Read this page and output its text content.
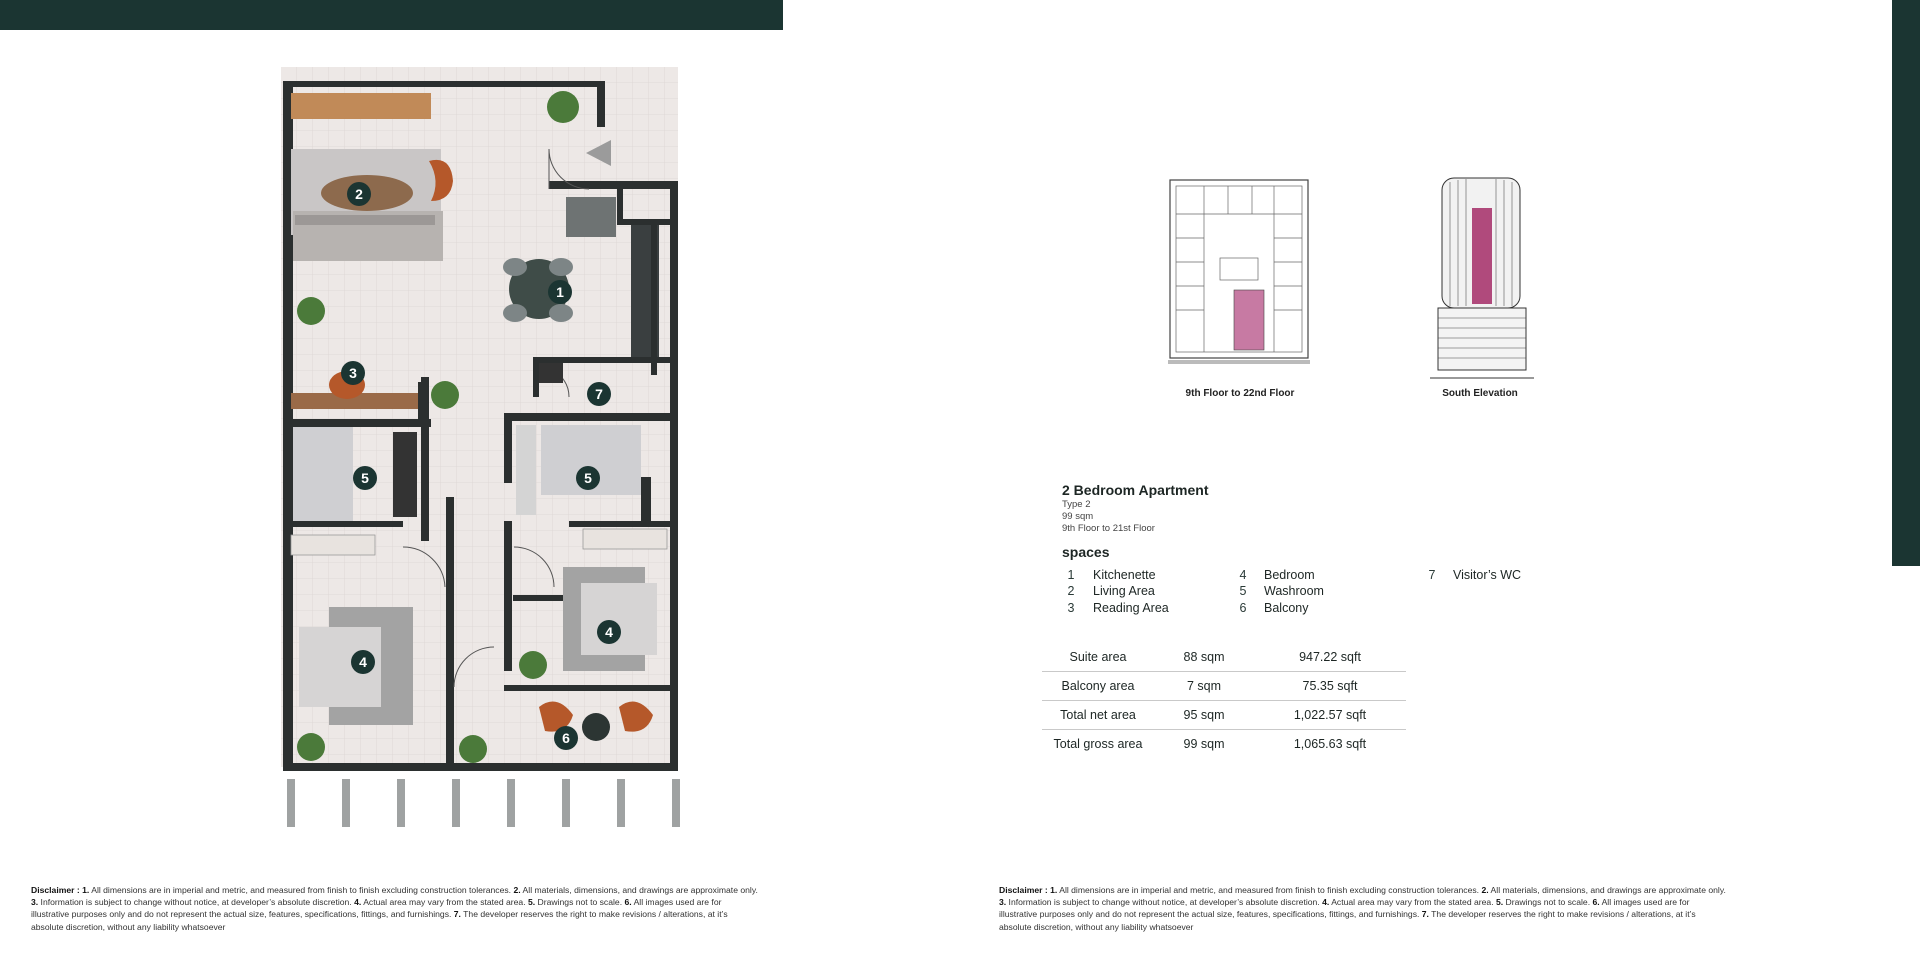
1
2
3
7
5	5
4
4
6
9th Floor to 22nd Floor	South Elevation
2 Bedroom Apartment
Type 2
99 sqm
9th Floor to 21st Floor
spaces
1	Kitchenette
2	Living Area
3	Reading Area
4	Bedroom
5	Washroom
6	Balcony
7	Visitor’s WC
Suite area	88 sqm	947.22 sqft
Balcony area	7 sqm	75.35 sqft
Total net area	95 sqm	1,022.57 sqft
Total gross area	99 sqm	1,065.63 sqft
Disclaimer : 1. All dimensions are in imperial and metric, and measured from finish to finish excluding construction tolerances. 2. All materials, dimensions, and drawings are approximate only. 3. Information is subject to change without notice, at developer’s absolute discretion. 4. Actual area may vary from the stated area. 5. Drawings not to scale. 6. All images used are for illustrative purposes only and do not represent the actual size, features, specifications, fittings, and furnishings. 7. The developer reserves the right to make revisions / alterations, at it’s absolute discretion, without any liability whatsoever
Disclaimer : 1. All dimensions are in imperial and metric, and measured from finish to finish excluding construction tolerances. 2. All materials, dimensions, and drawings are approximate only. 3. Information is subject to change without notice, at developer’s absolute discretion. 4. Actual area may vary from the stated area. 5. Drawings not to scale. 6. All images used are for illustrative purposes only and do not represent the actual size, features, specifications, fittings, and furnishings. 7. The developer reserves the right to make revisions / alterations, at it’s absolute discretion, without any liability whatsoever
